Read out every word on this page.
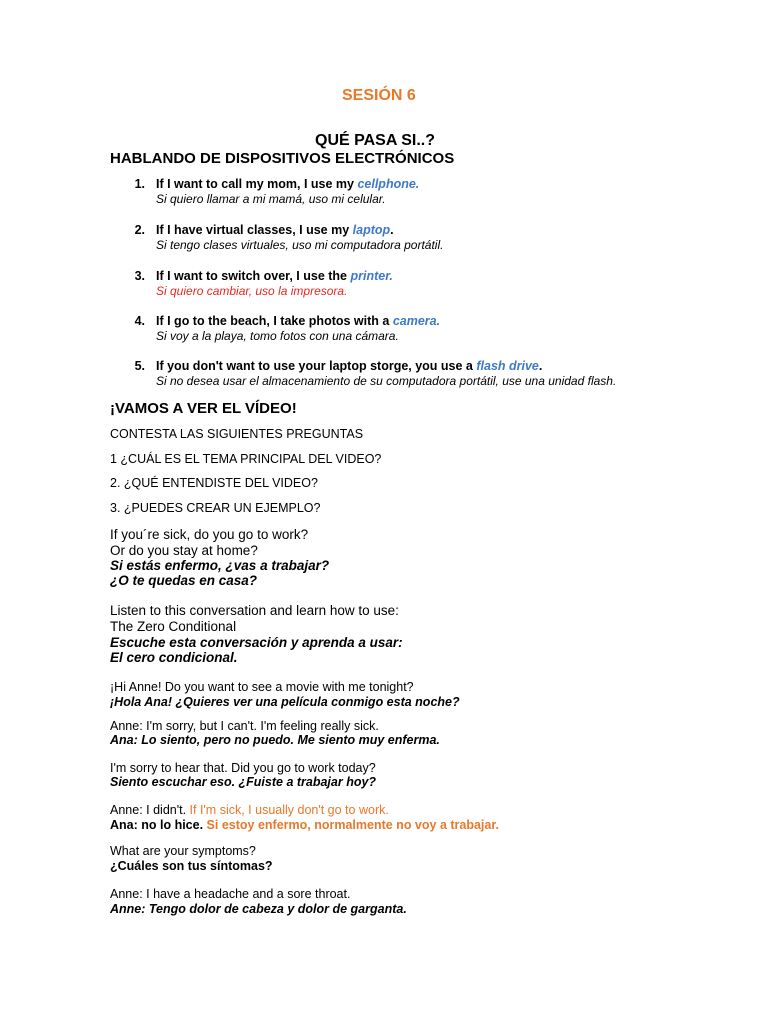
SESIÓN 6
QUÉ PASA SI..?
HABLANDO DE DISPOSITIVOS ELECTRÓNICOS
1. If I want to call my mom, I use my cellphone.
Si quiero llamar a mi mamá, uso mi celular.
2. If I have virtual classes, I use my laptop.
Si tengo clases virtuales, uso mi computadora portátil.
3. If I want to switch over, I use the printer.
Si quiero cambiar, uso la impresora.
4. If I go to the beach, I take photos with a camera.
Si voy a la playa, tomo fotos con una cámara.
5. If you don't want to use your laptop storge, you use a flash drive.
Si no desea usar el almacenamiento de su computadora portátil, use una unidad flash.
¡VAMOS A VER EL VÍDEO!
CONTESTA LAS SIGUIENTES PREGUNTAS
1 ¿CUÁL ES EL TEMA PRINCIPAL DEL VIDEO?
2. ¿QUÉ ENTENDISTE DEL VIDEO?
3. ¿PUEDES CREAR UN EJEMPLO?
If you´re sick, do you go to work?
Or do you stay at home?
Si estás enfermo, ¿vas a trabajar?
¿O te quedas en casa?
Listen to this conversation and learn how to use:
The Zero Conditional
Escuche esta conversación y aprenda a usar:
El cero condicional.
¡Hi Anne! Do you want to see a movie with me tonight?
¡Hola Ana! ¿Quieres ver una película conmigo esta noche?
Anne: I'm sorry, but I can't. I'm feeling really sick.
Ana: Lo siento, pero no puedo. Me siento muy enferma.
I'm sorry to hear that. Did you go to work today?
Siento escuchar eso. ¿Fuiste a trabajar hoy?
Anne: I didn't. If I'm sick, I usually don't go to work.
Ana: no lo hice. Si estoy enfermo, normalmente no voy a trabajar.
What are your symptoms?
¿Cuáles son tus síntomas?
Anne: I have a headache and a sore throat.
Anne: Tengo dolor de cabeza y dolor de garganta.
